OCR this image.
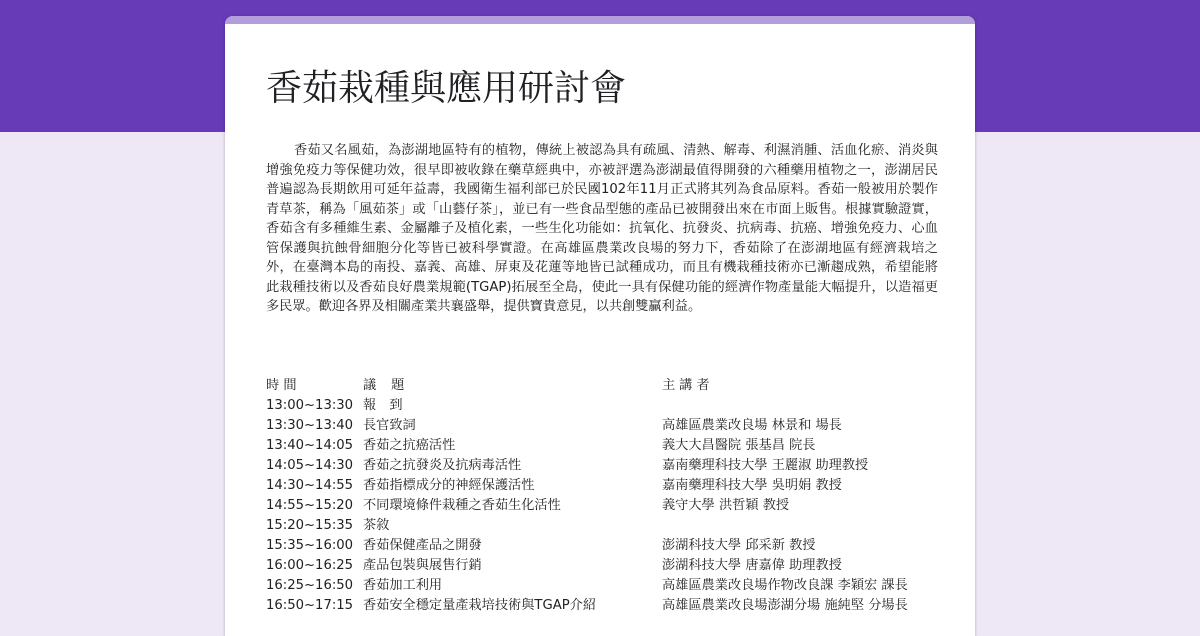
香茹栽種與應用研討會

香茹又名風茹，為澎湖地區特有的植物，傳統上被認為具有疏風、清熱、解毒、利濕消腫、活血化瘀、消炎與增強免疫力等保健功效，很早即被收錄在藥草經典中，亦被評選為澎湖最值得開發的六種藥用植物之一，澎湖居民普遍認為長期飲用可延年益壽，我國衛生福利部已於民國102年11月正式將其列為食品原料。香茹一般被用於製作青草茶，稱為「風茹茶」或「山藝仔茶」，並已有一些食品型態的產品已被開發出來在市面上販售。根據實驗證實，香茹含有多種維生素、金屬離子及植化素，一些生化功能如：抗氧化、抗發炎、抗病毒、抗癌、增強免疫力、心血管保護與抗蝕骨細胞分化等皆已被科學實證。在高雄區農業改良場的努力下，香茹除了在澎湖地區有經濟栽培之外，在臺灣本島的南投、嘉義、高雄、屏東及花蓮等地皆已試種成功，而且有機栽種技術亦已漸趨成熟，希望能將此栽種技術以及香茹良好農業規範(TGAP)拓展至全島，使此一具有保健功能的經濟作物產量能大幅提升，以造福更多民眾。歡迎各界及相關產業共襄盛舉，提供寶貴意見，以共創雙贏利益。

時 間	議題	主講者
13:00~13:30 報　到
13:30~13:40 長官致詞	高雄區農業改良場 林景和 場長
13:40~14:05 香茹之抗癌活性	義大大昌醫院 張基昌 院長
14:05~14:30 香茹之抗發炎及抗病毒活性	嘉南藥理科技大學 王麗淑 助理教授
14:30~14:55 香茹指標成分的神經保護活性	嘉南藥理科技大學 吳明娟 教授
14:55~15:20 不同環境條件栽種之香茹生化活性	義守大學 洪哲穎 教授
15:20~15:35 茶敘
15:35~16:00 香茹保健產品之開發	澎湖科技大學 邱采新 教授
16:00~16:25 產品包裝與展售行銷	澎湖科技大學 唐嘉偉 助理教授
16:25~16:50 香茹加工利用	高雄區農業改良場作物改良課 李穎宏 課長
16:50~17:15 香茹安全穩定量產栽培技術與TGAP介紹	高雄區農業改良場澎湖分場 施純堅 分場長
